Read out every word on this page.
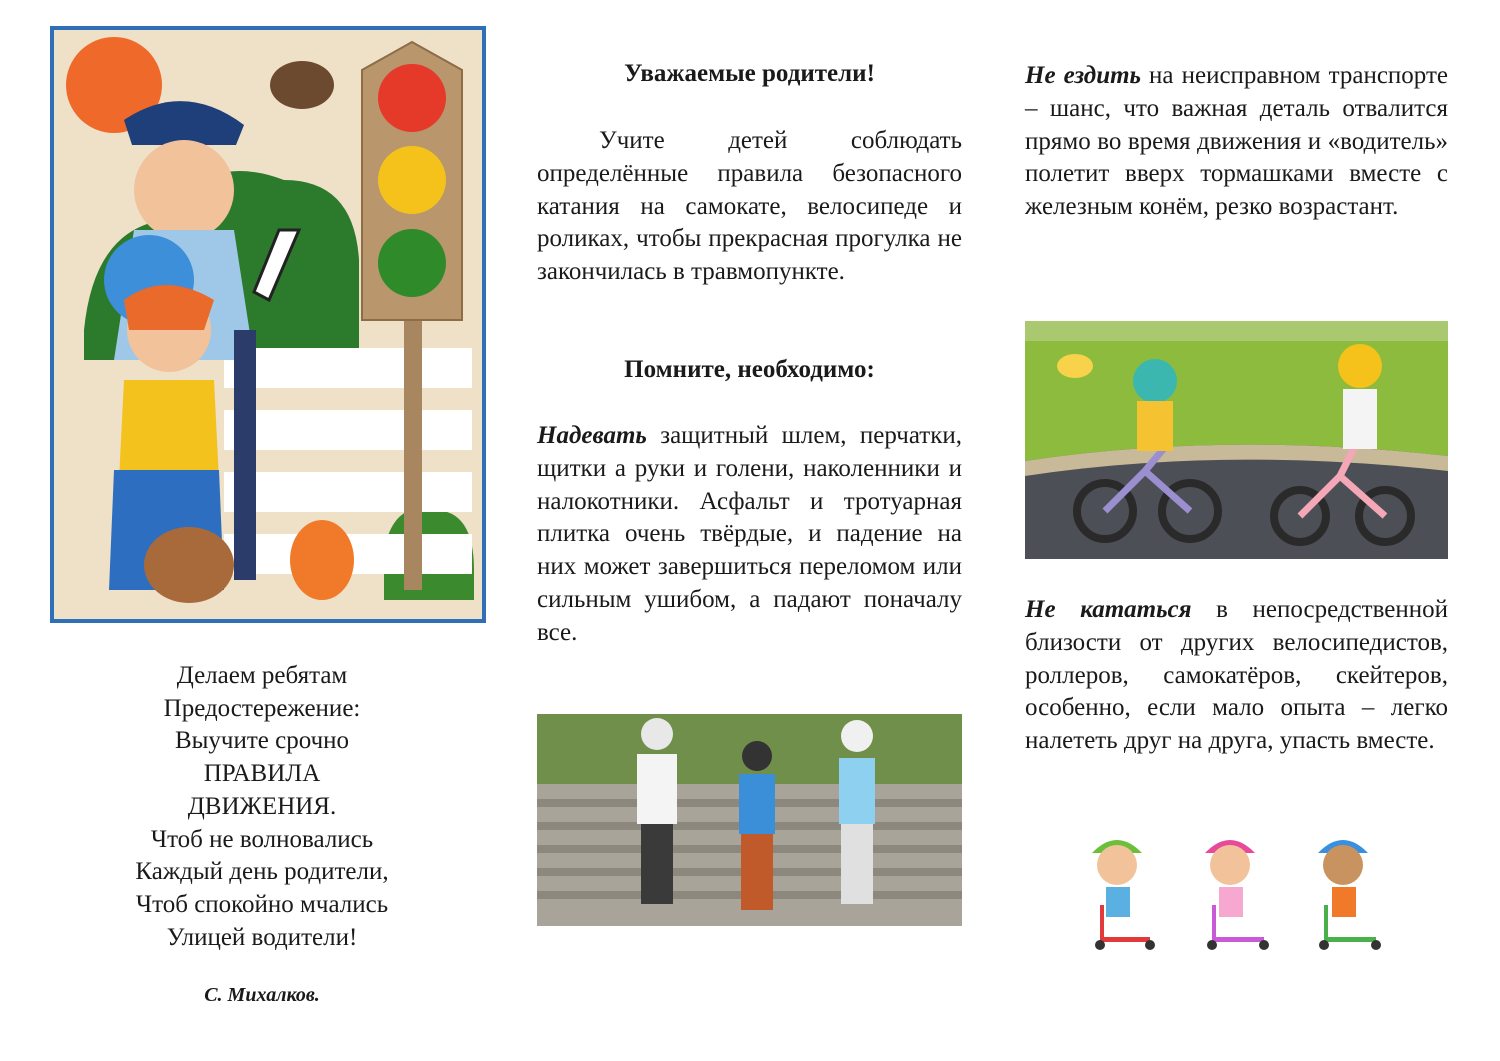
Делаем ребятам
Предостережение:
Выучите срочно
ПРАВИЛА
ДВИЖЕНИЯ.
Чтоб не волновались
Каждый день родители,
Чтоб спокойно мчались
Улицей водители!
С. Михалков.
Уважаемые родители!

Учите детей соблюдать определённые правила безопасного катания на самокате, велосипеде и роликах, чтобы прекрасная прогулка не закончилась в травмопункте.

Помните, необходимо:

Надевать защитный шлем, перчатки, щитки а руки и голени, наколенники и налокотники. Асфальт и тротуарная плитка очень твёрдые, и падение на них может завершиться переломом или сильным ушибом, а падают поначалу все.

Не ездить на неисправном транспорте – шанс, что важная деталь отвалится прямо во время движения и «водитель» полетит вверх тормашками вместе с железным конём, резко возрастант.

Не кататься в непосредственной близости от других велосипедистов, роллеров, самокатёров, скейтеров, особенно, если мало опыта – легко налететь друг на друга, упасть вместе.
